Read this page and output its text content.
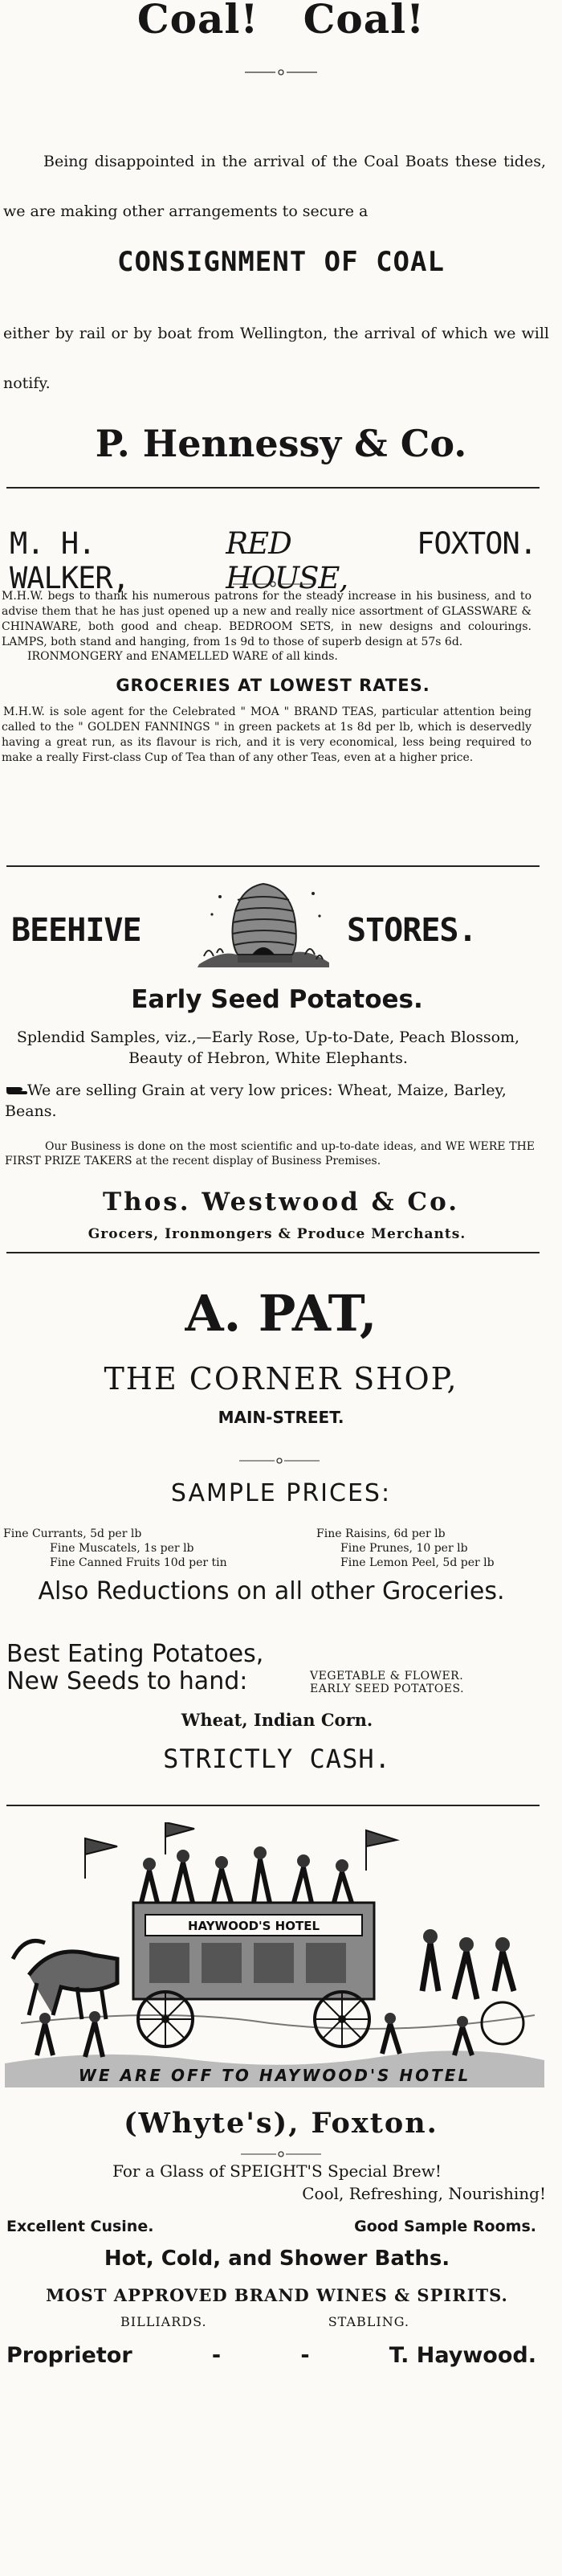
Coal!   Coal!
Being disappointed in the arrival of the Coal Boats these tides, we are making other arrangements to secure a
CONSIGNMENT OF COAL
either by rail or by boat from Wellington, the arrival of which we will notify.
P. Hennessy & Co.
M. H. WALKER,
RED HOUSE,
FOXTON.
M.H.W. begs to thank his numerous patrons for the steady increase in his business, and to advise them that he has just opened up a new and really nice assortment of GLASSWARE & CHINAWARE, both good and cheap. BEDROOM SETS, in new designs and colourings. LAMPS, both stand and hanging, from 1s 9d to those of superb design at 57s 6d.
IRONMONGERY and ENAMELLED WARE of all kinds.
GROCERIES AT LOWEST RATES.
M.H.W. is sole agent for the Celebrated " MOA " BRAND TEAS, particular attention being called to the " GOLDEN FANNINGS " in green packets at 1s 8d per lb, which is deservedly having a great run, as its flavour is rich, and it is very economical, less being required to make a really First-class Cup of Tea than of any other Teas, even at a higher price.
BEEHIVE	STORES.
Early Seed Potatoes.
Splendid Samples, viz.,—Early Rose, Up-to-Date, Peach Blossom, Beauty of Hebron, White Elephants.
We are selling Grain at very low prices: Wheat, Maize, Barley, Beans.
Our Business is done on the most scientific and up-to-date ideas, and WE WERE THE FIRST PRIZE TAKERS at the recent display of Business Premises.
Thos. Westwood & Co.
Grocers, Ironmongers & Produce Merchants.
A. PAT,
THE CORNER SHOP,
MAIN-STREET.
SAMPLE PRICES:
Fine Currants, 5d per lb
Fine Muscatels, 1s per lb
Fine Canned Fruits 10d per tin
Fine Raisins, 6d per lb
Fine Prunes, 10 per lb
Fine Lemon Peel, 5d per lb
Also Reductions on all other Groceries.
Best Eating Potatoes,
New Seeds to hand:	VEGETABLE & FLOWER.
EARLY SEED POTATOES.
Wheat, Indian Corn.
STRICTLY CASH.
HAYWOOD'S HOTEL
WE ARE OFF TO HAYWOOD'S HOTEL
(Whyte's), Foxton.
For a Glass of SPEIGHT'S Special Brew!
Cool, Refreshing, Nourishing!
Excellent Cusine.	Good Sample Rooms.
Hot, Cold, and Shower Baths.
MOST APPROVED BRAND WINES & SPIRITS.
BILLIARDS.	STABLING.
Proprietor	-	-	T. Haywood.
